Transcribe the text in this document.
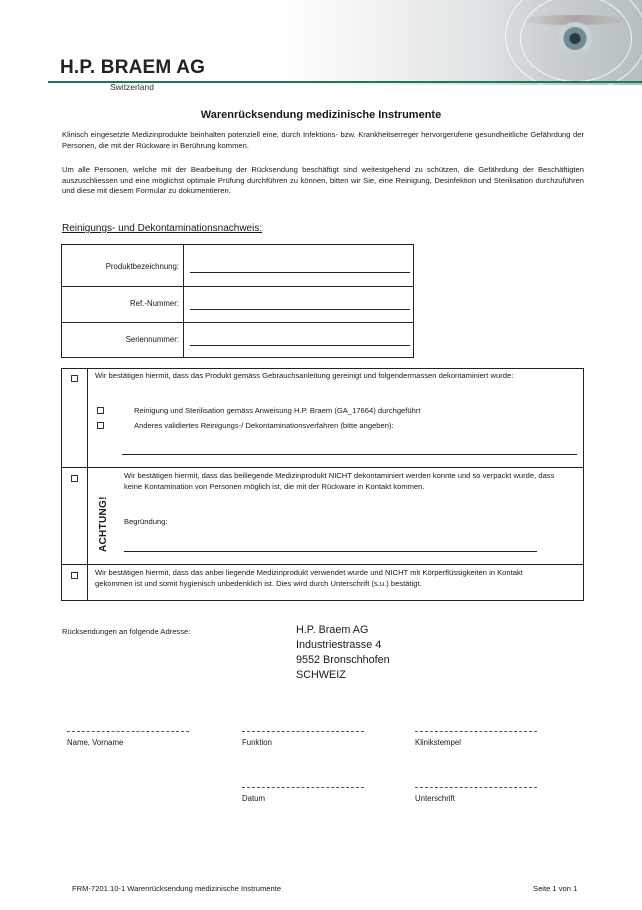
H.P. BRAEM AG
Switzerland
Warenrücksendung medizinische Instrumente
Klinisch eingesetzte Medizinprodukte beinhalten potenziell eine, durch Infektions- bzw. Krankheitserreger hervorgerufene gesundheitliche Gefährdung der Personen, die mit der Rückware in Berührung kommen.
Um alle Personen, welche mit der Bearbeitung der Rücksendung beschäftigt sind weitestgehend zu schützen, die Gefährdung der Beschäftigten auszuschliessen und eine möglichst optimale Prüfung durchführen zu können, bitten wir Sie, eine Reinigung, Desinfektion und Sterilisation durchzuführen und diese mit diesem Formular zu dokumentieren.
Reinigungs- und Dekontaminationsnachweis:
Produktbezeichnung:
Ref.-Nummer:
Seriennummer:
Wir bestätigen hiermit, dass das Produkt gemäss Gebrauchsanleitung gereinigt und folgendermassen dekontaminiert wurde:
Reinigung und Sterilisation gemäss Anweisung H.P. Braem (GA_17664) durchgeführt
Anderes validiertes Reinigungs-/ Dekontaminationsverfahren (bitte angeben):
Wir bestätigen hiermit, dass das beiliegende Medizinprodukt NICHT dekontaminiert werden konnte und so verpackt wurde, dass keine Kontamination von Personen möglich ist, die mit der Rückware in Kontakt kommen.
Begründung:
Wir bestätigen hiermit, dass das anbei liegende Medizinprodukt verwendet wurde und NICHT mit Körperflüssigkeiten in Kontakt gekommen ist und somit hygienisch unbedenklich ist. Dies wird durch Unterschrift (s.u.) bestätigt.
ACHTUNG!
Rücksendungen an folgende Adresse:	H.P. Braem AG
Industriestrasse 4
9552 Bronschhofen
SCHWEIZ
Name, Vorname	Funktion	Klinikstempel
Datum	Unterschrift
FRM-7201.10-1 Warenrücksendung medizinische Instrumente	Seite 1 von 1
